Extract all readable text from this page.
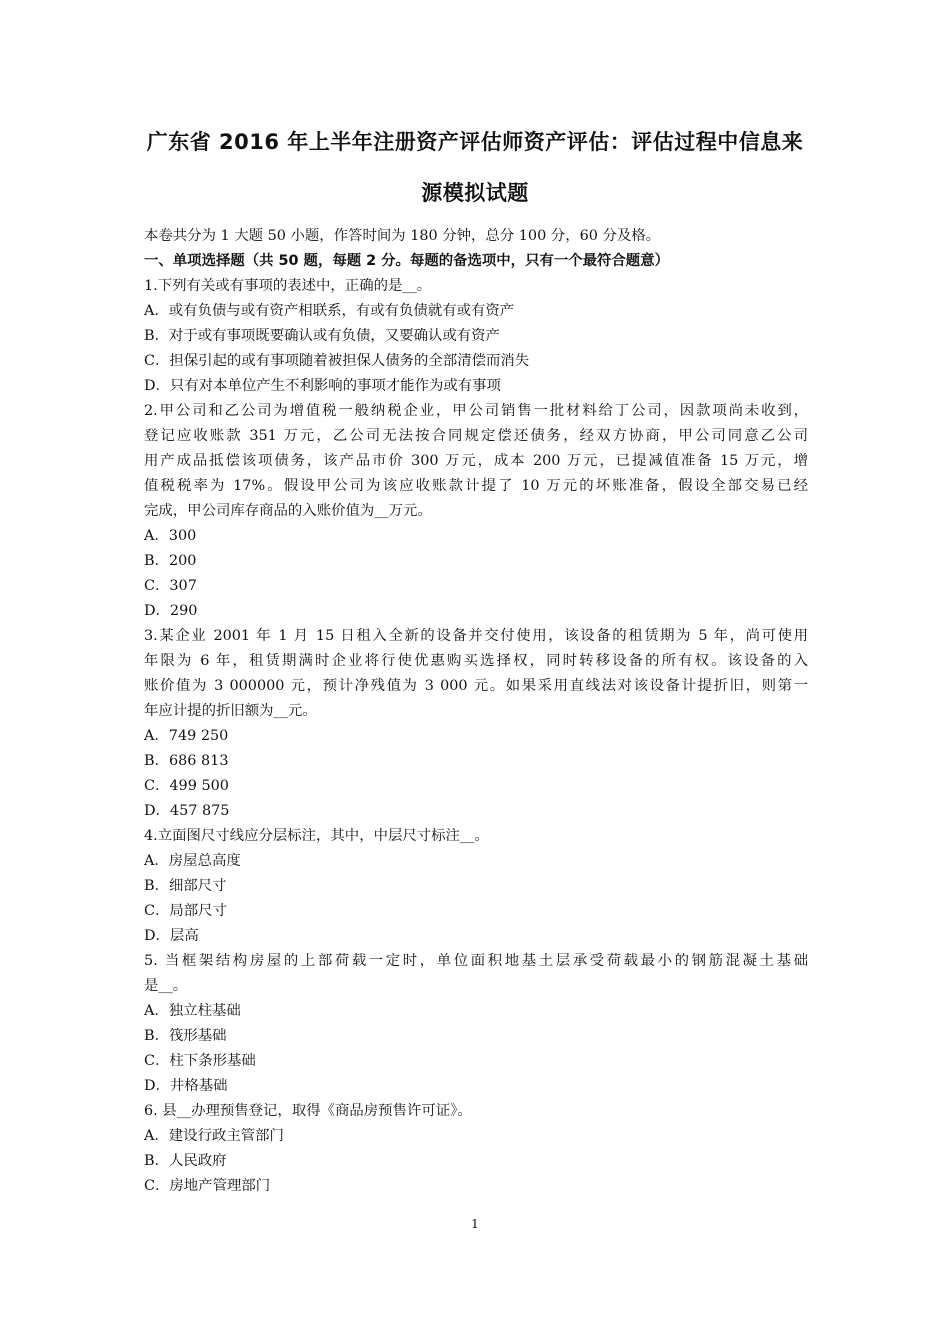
广东省 2016 年上半年注册资产评估师资产评估：评估过程中信息来
源模拟试题
本卷共分为 1 大题 50 小题，作答时间为 180 分钟，总分 100 分，60 分及格。
一、单项选择题（共 50 题，每题 2 分。每题的备选项中，只有一个最符合题意）
1.下列有关或有事项的表述中，正确的是__。
A．或有负债与或有资产相联系，有或有负债就有或有资产
B．对于或有事项既要确认或有负债，又要确认或有资产
C．担保引起的或有事项随着被担保人债务的全部清偿而消失
D．只有对本单位产生不利影响的事项才能作为或有事项
2.甲公司和乙公司为增值税一般纳税企业，甲公司销售一批材料给丁公司，因款项尚未收到，
登记应收账款 351 万元，乙公司无法按合同规定偿还债务，经双方协商，甲公司同意乙公司
用产成品抵偿该项债务，该产品市价 300 万元，成本 200 万元，已提减值准备 15 万元，增
值税税率为 17%。假设甲公司为该应收账款计提了 10 万元的坏账准备，假设全部交易已经
完成，甲公司库存商品的入账价值为__万元。
A．300
B．200
C．307
D．290
3.某企业 2001 年 1 月 15 日租入全新的设备并交付使用，该设备的租赁期为 5 年，尚可使用
年限为 6 年，租赁期满时企业将行使优惠购买选择权，同时转移设备的所有权。该设备的入
账价值为 3 000000 元，预计净残值为 3 000 元。如果采用直线法对该设备计提折旧，则第一
年应计提的折旧额为__元。
A．749 250
B．686 813
C．499 500
D．457 875
4.立面图尺寸线应分层标注，其中，中层尺寸标注__。
A．房屋总高度
B．细部尺寸
C．局部尺寸
D．层高
5. 当框架结构房屋的上部荷载一定时，单位面积地基土层承受荷载最小的钢筋混凝土基础
是__。
A．独立柱基础
B．筏形基础
C．柱下条形基础
D．井格基础
6. 县__办理预售登记，取得《商品房预售许可证》。
A．建设行政主管部门
B．人民政府
C．房地产管理部门
1
